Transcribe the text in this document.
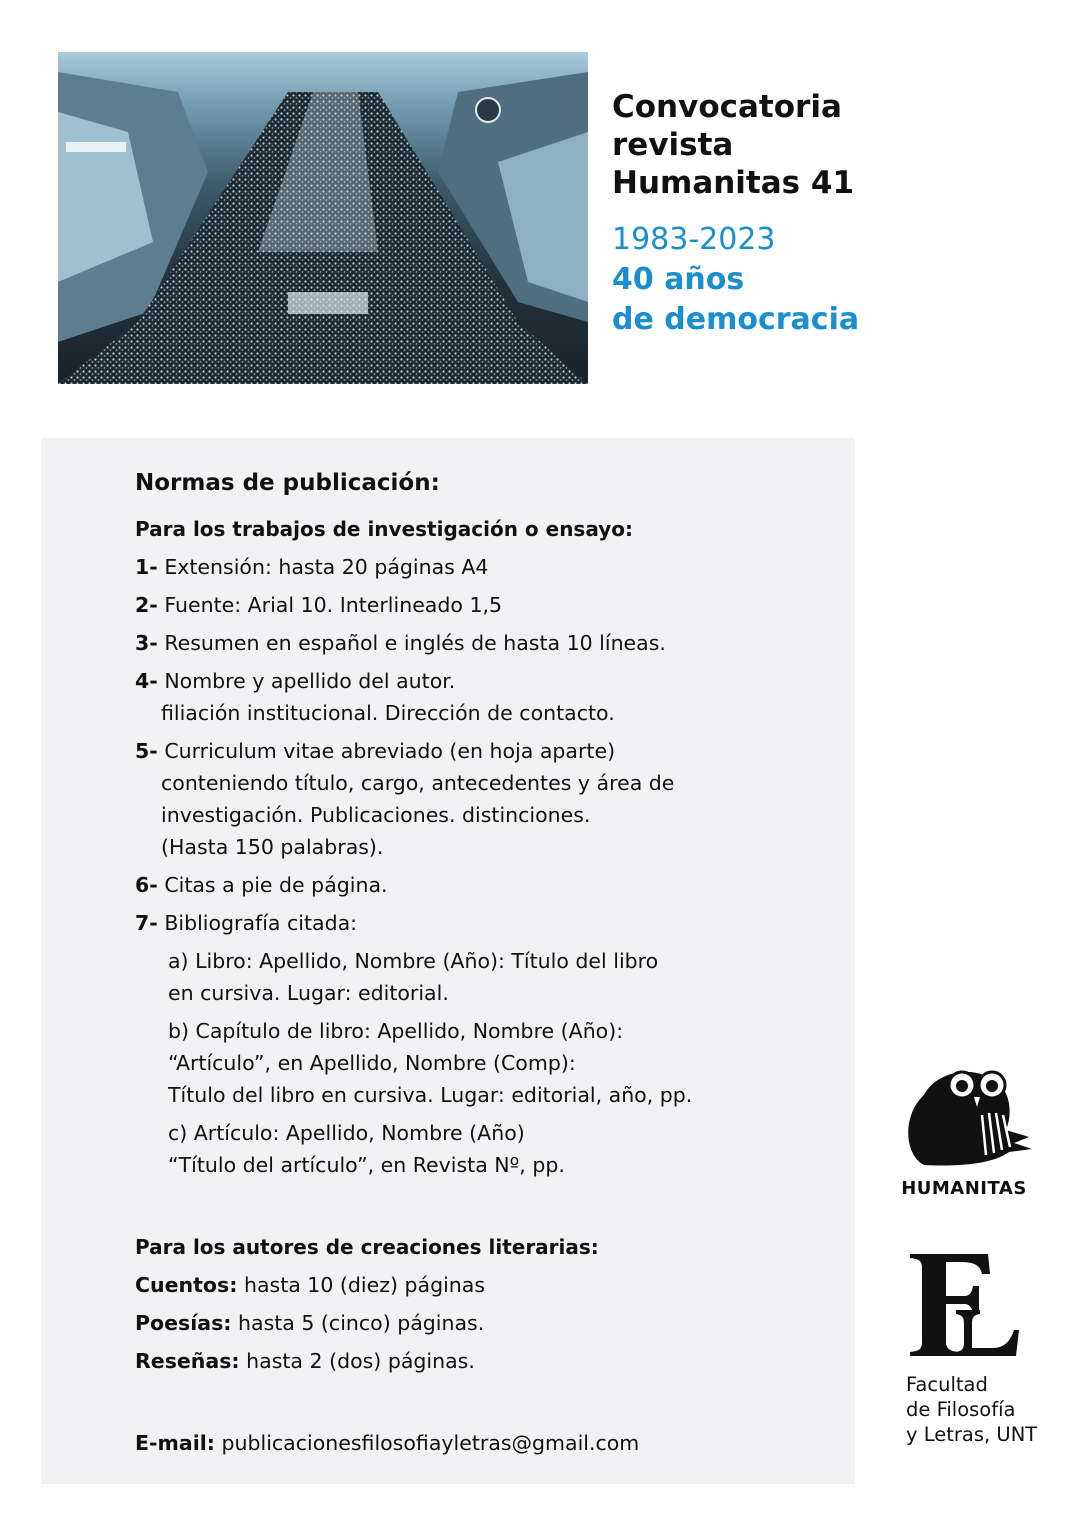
Convocatoria
revista
Humanitas 41
1983-2023
40 años
de democracia
Normas de publicación:
Para los trabajos de investigación o ensayo:
1- Extensión: hasta 20 páginas A4
2- Fuente: Arial 10. Interlineado 1,5
3- Resumen en español e inglés de hasta 10 líneas.
4- Nombre y apellido del autor.
filiación institucional. Dirección de contacto.
5- Curriculum vitae abreviado (en hoja aparte)
conteniendo título, cargo, antecedentes y área de
investigación. Publicaciones. distinciones.
(Hasta 150 palabras).
6- Citas a pie de página.
7- Bibliografía citada:
a) Libro: Apellido, Nombre (Año): Título del libro
en cursiva. Lugar: editorial.
b) Capítulo de libro: Apellido, Nombre (Año):
“Artículo”, en Apellido, Nombre (Comp):
Título del libro en cursiva. Lugar: editorial, año, pp.
c) Artículo: Apellido, Nombre (Año)
“Título del artículo”, en Revista Nº, pp.
Para los autores de creaciones literarias:
Cuentos: hasta 10 (diez) páginas
Poesías: hasta 5 (cinco) páginas.
Reseñas: hasta 2 (dos) páginas.
E-mail: publicacionesfilosofiayletras@gmail.com
HUMANITAS
Facultad
de Filosofía
y Letras, UNT
